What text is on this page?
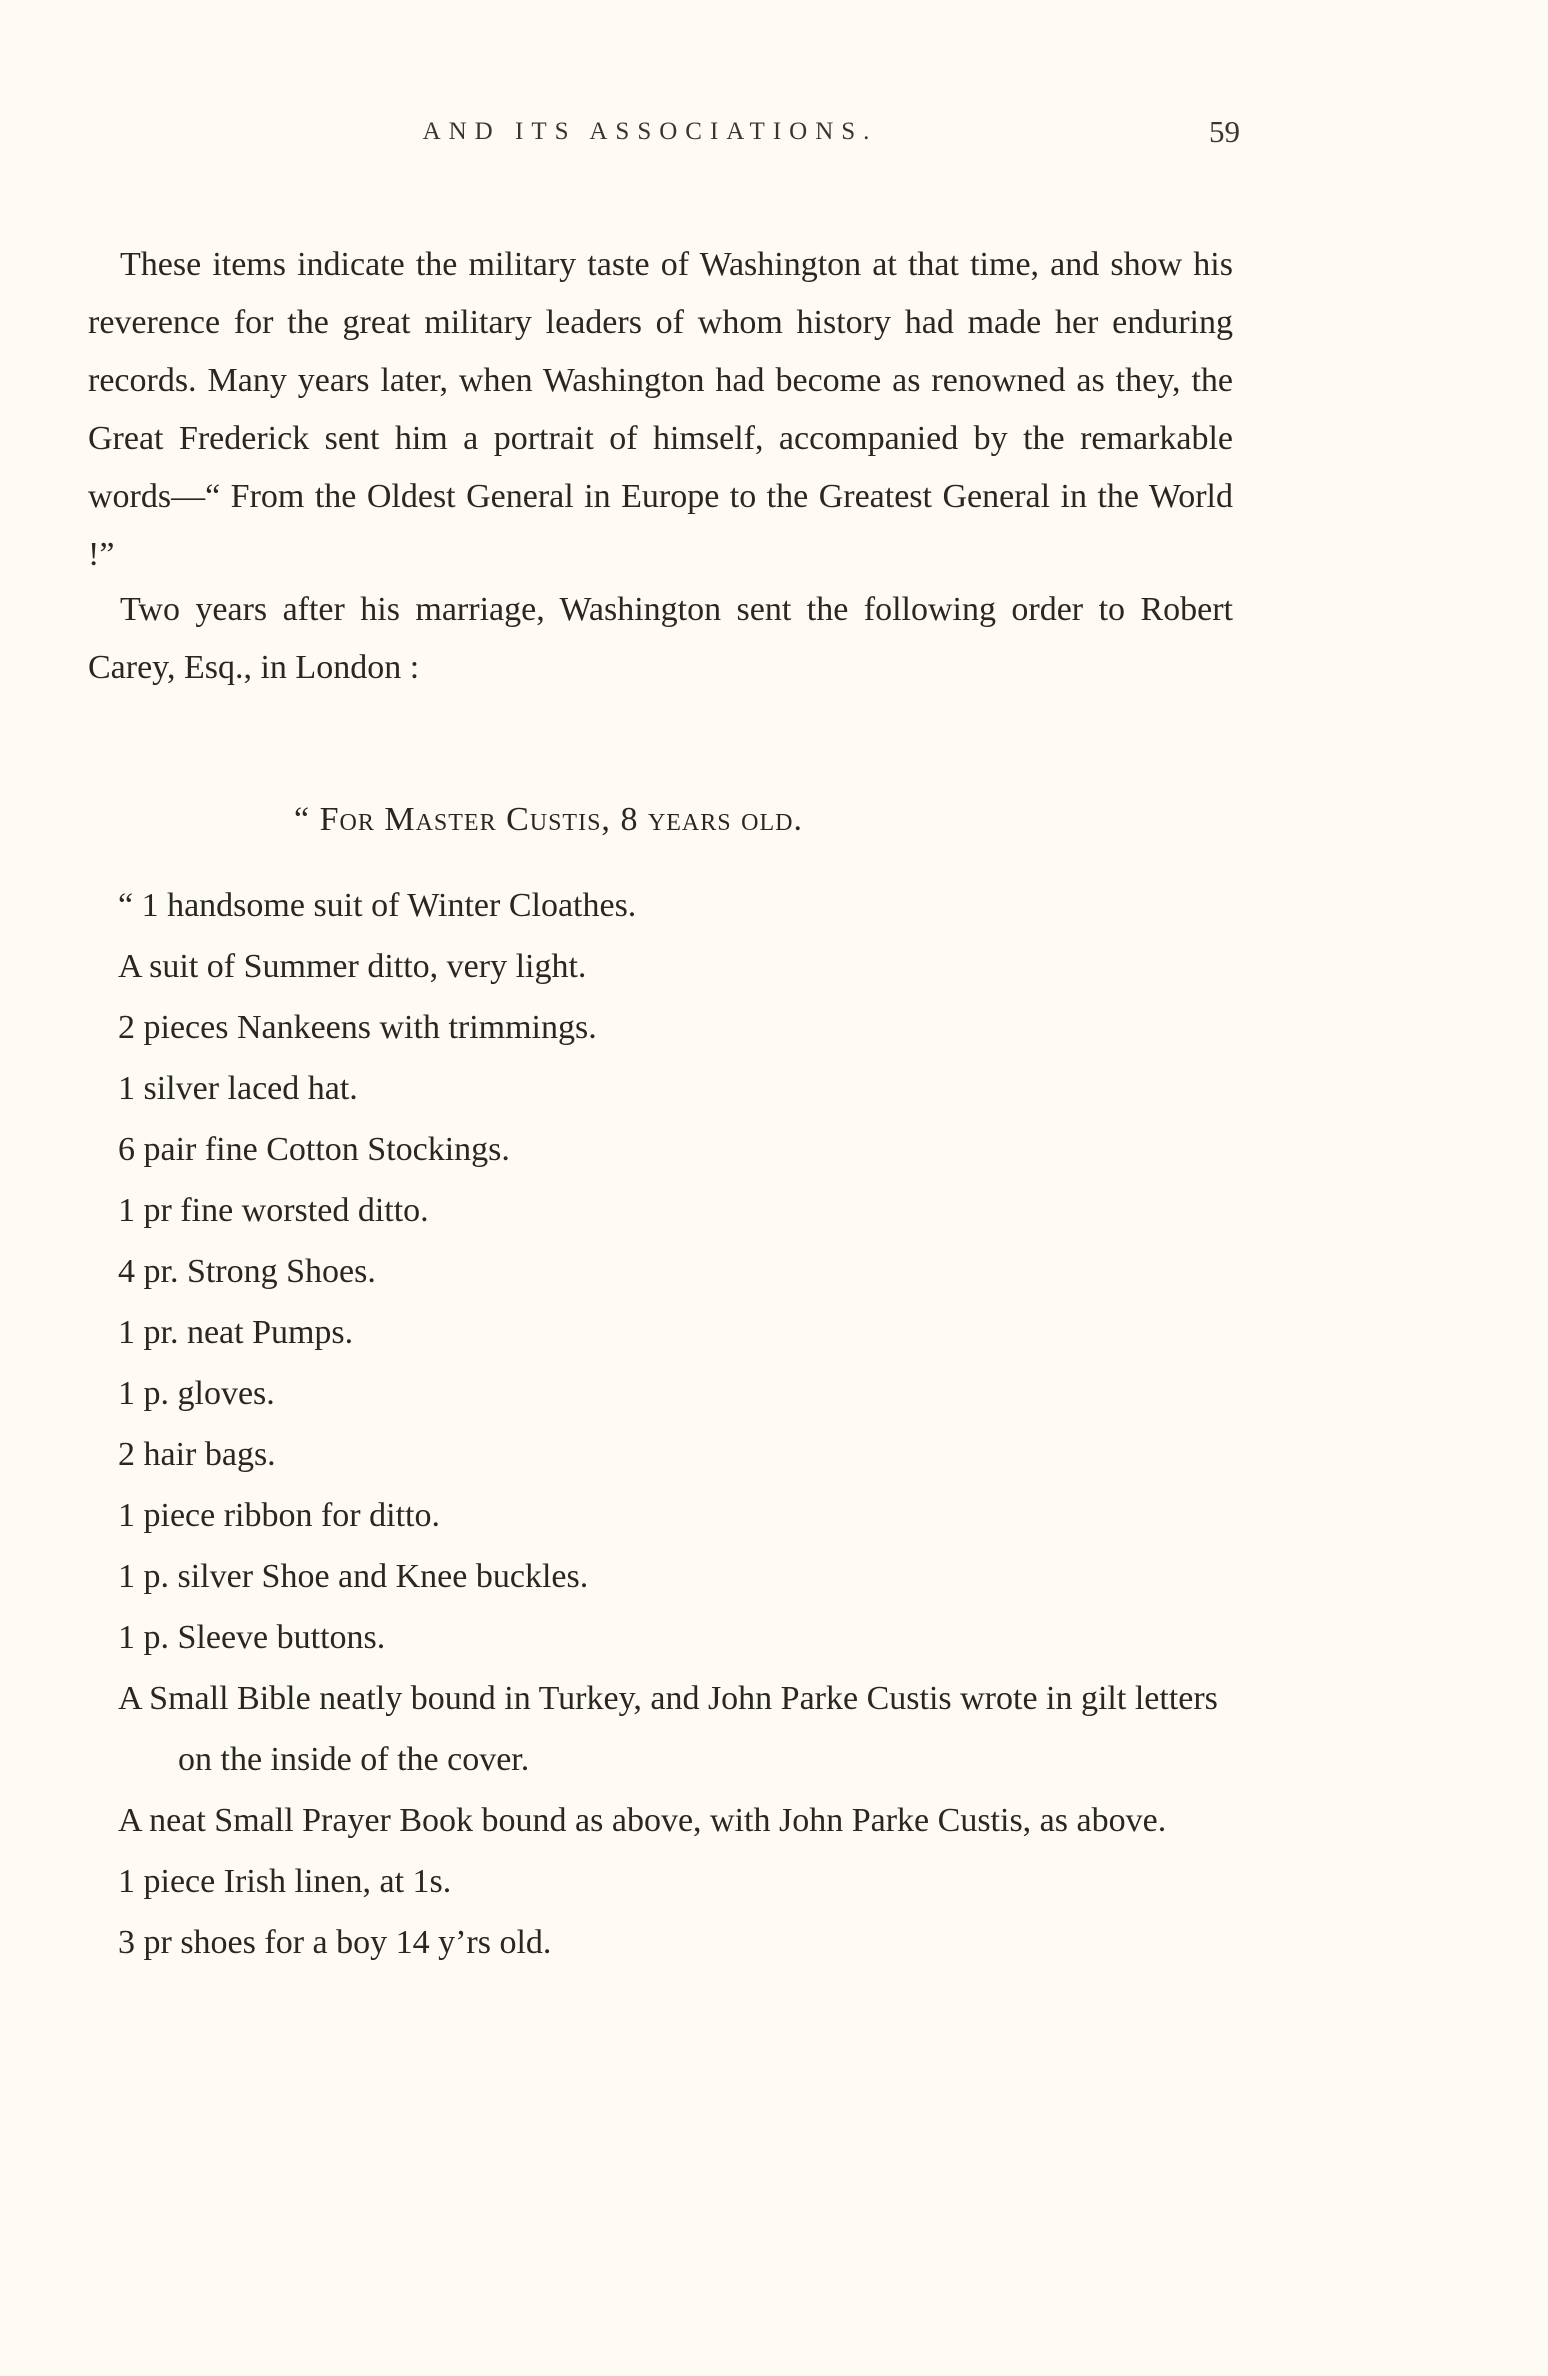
AND ITS ASSOCIATIONS.	59

These items indicate the military taste of Washington at that time, and show his reverence for the great military leaders of whom history had made her enduring records. Many years later, when Washington had become as renowned as they, the Great Frederick sent him a portrait of himself, accompanied by the remarkable words—“ From the Oldest General in Europe to the Greatest General in the World !”

Two years after his marriage, Washington sent the following order to Robert Carey, Esq., in London :

“ For Master Custis, 8 years old.
“ 1 handsome suit of Winter Cloathes.
A suit of Summer ditto, very light.
2 pieces Nankeens with trimmings.
1 silver laced hat.
6 pair fine Cotton Stockings.
1 pr fine worsted ditto.
4 pr. Strong Shoes.
1 pr. neat Pumps.
1 p. gloves.
2 hair bags.
1 piece ribbon for ditto.
1 p. silver Shoe and Knee buckles.
1 p. Sleeve buttons.
A Small Bible neatly bound in Turkey, and John Parke Custis wrote in gilt letters on the inside of the cover.
A neat Small Prayer Book bound as above, with John Parke Custis, as above.
1 piece Irish linen, at 1s.
3 pr shoes for a boy 14 y’rs old.
